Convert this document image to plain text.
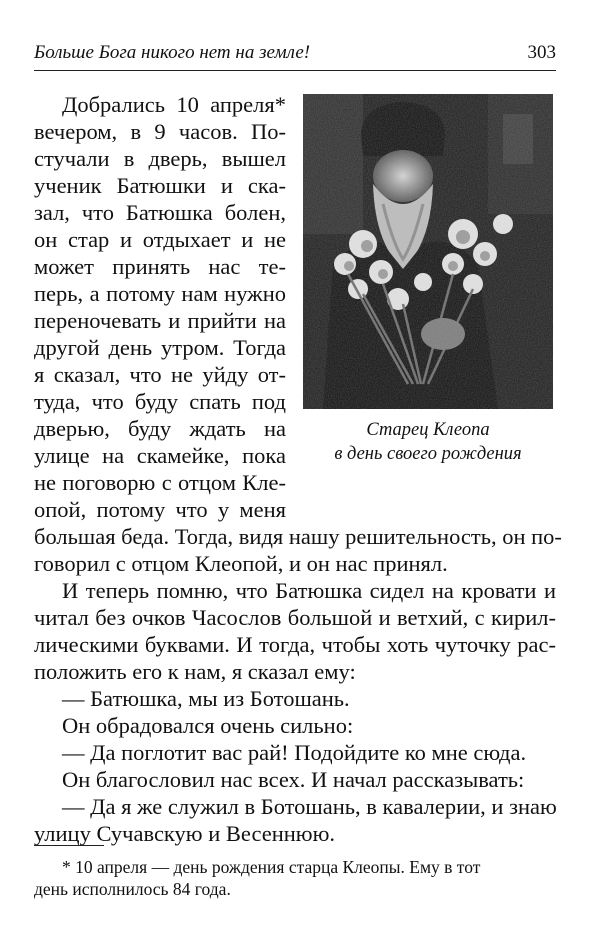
Больше Бога никого нет на земле!	303
Добрались 10 апреля*
вечером, в 9 часов. По-
стучали в дверь, вышел
ученик Батюшки и ска-
зал, что Батюшка болен,
он стар и отдыхает и не
может принять нас те-
перь, а потому нам нужно
переночевать и прийти на
другой день утром. Тогда
я сказал, что не уйду от-
туда, что буду спать под
дверью, буду ждать на
улице на скамейке, пока
не поговорю с отцом Кле-
опой, потому что у меня
большая беда. Тогда, видя нашу решительность, он по-
говорил с отцом Клеопой, и он нас принял.
И теперь помню, что Батюшка сидел на кровати и
читал без очков Часослов большой и ветхий, с кирил-
лическими буквами. И тогда, чтобы хоть чуточку рас-
положить его к нам, я сказал ему:
— Батюшка, мы из Ботошань.
Он обрадовался очень сильно:
— Да поглотит вас рай! Подойдите ко мне сюда.
Он благословил нас всех. И начал рассказывать:
— Да я же служил в Ботошань, в кавалерии, и знаю
улицу Сучавскую и Весеннюю.
Старец Клеопа
в день своего рождения
* 10 апреля — день рождения старца Клеопы. Ему в тот
день исполнилось 84 года.
